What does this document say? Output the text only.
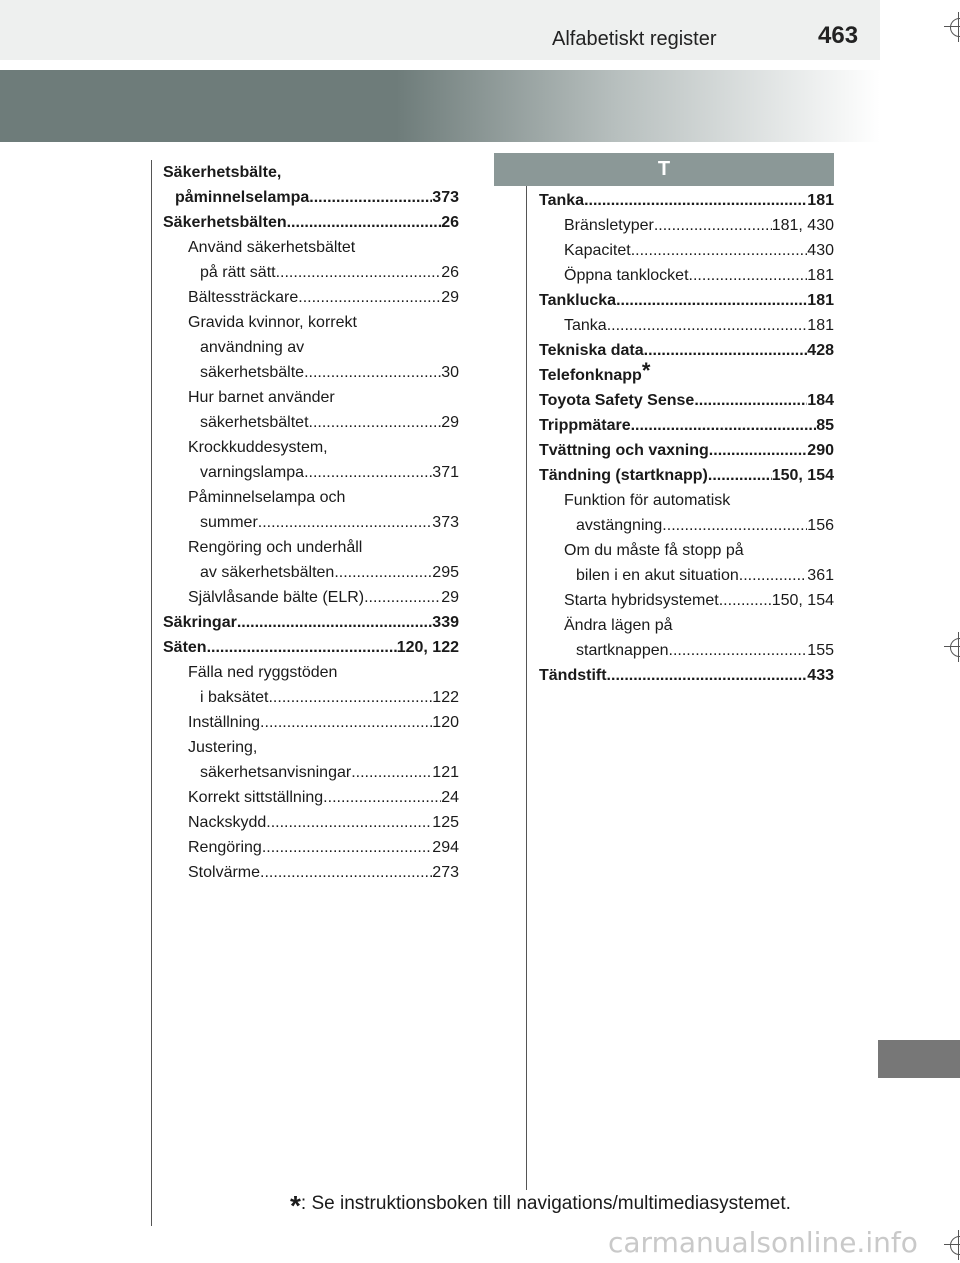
Alfabetiskt register	463
Säkerhetsbälte,
påminnelselampa .....	373
Säkerhetsbälten .....	26
Använd säkerhetsbältet
på rätt sätt .....	26
Bältessträckare .....	29
Gravida kvinnor, korrekt
användning av
säkerhetsbälte .....	30
Hur barnet använder
säkerhetsbältet .....	29
Krockkuddesystem,
varningslampa .....	371
Påminnelselampa och
summer .....	373
Rengöring och underhåll
av säkerhetsbälten .....	295
Självlåsande bälte (ELR) .....	29
Säkringar .....	339
Säten .....	120, 122
Fälla ned ryggstöden
i baksätet .....	122
Inställning .....	120
Justering,
säkerhetsanvisningar .....	121
Korrekt sittställning .....	24
Nackskydd .....	125
Rengöring .....	294
Stolvärme .....	273
T
Tanka .....	181
Bränsletyper .....	181, 430
Kapacitet .....	430
Öppna tanklocket .....	181
Tanklucka .....	181
Tanka .....	181
Tekniska data .....	428
Telefonknapp*
Toyota Safety Sense .....	184
Trippmätare .....	85
Tvättning och vaxning .....	290
Tändning (startknapp) .....	150, 154
Funktion för automatisk
avstängning .....	156
Om du måste få stopp på
bilen i en akut situation .....	361
Starta hybridsystemet .....	150, 154
Ändra lägen på
startknappen .....	155
Tändstift .....	433
*: Se instruktionsboken till navigations/multimediasystemet.
carmanualsonline.info
